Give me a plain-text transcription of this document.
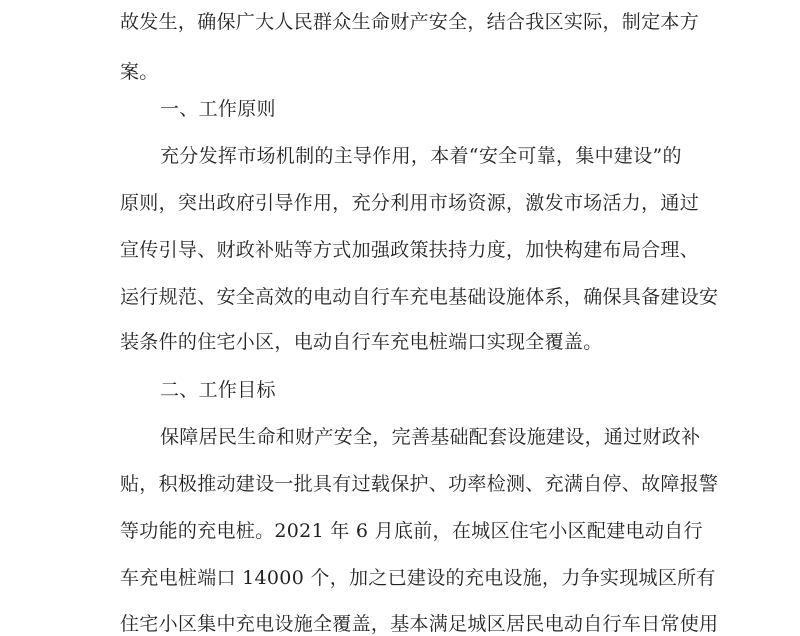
故发生，确保广大人民群众生命财产安全，结合我区实际，制定本方
案。
一、工作原则
充分发挥市场机制的主导作用，本着“安全可靠，集中建设”的
原则，突出政府引导作用，充分利用市场资源，激发市场活力，通过
宣传引导、财政补贴等方式加强政策扶持力度，加快构建布局合理、
运行规范、安全高效的电动自行车充电基础设施体系，确保具备建设安
装条件的住宅小区，电动自行车充电桩端口实现全覆盖。
二、工作目标
保障居民生命和财产安全，完善基础配套设施建设，通过财政补
贴，积极推动建设一批具有过载保护、功率检测、充满自停、故障报警
等功能的充电桩。2021 年 6 月底前，在城区住宅小区配建电动自行
车充电桩端口 14000 个，加之已建设的充电设施，力争实现城区所有
住宅小区集中充电设施全覆盖，基本满足城区居民电动自行车日常使用
